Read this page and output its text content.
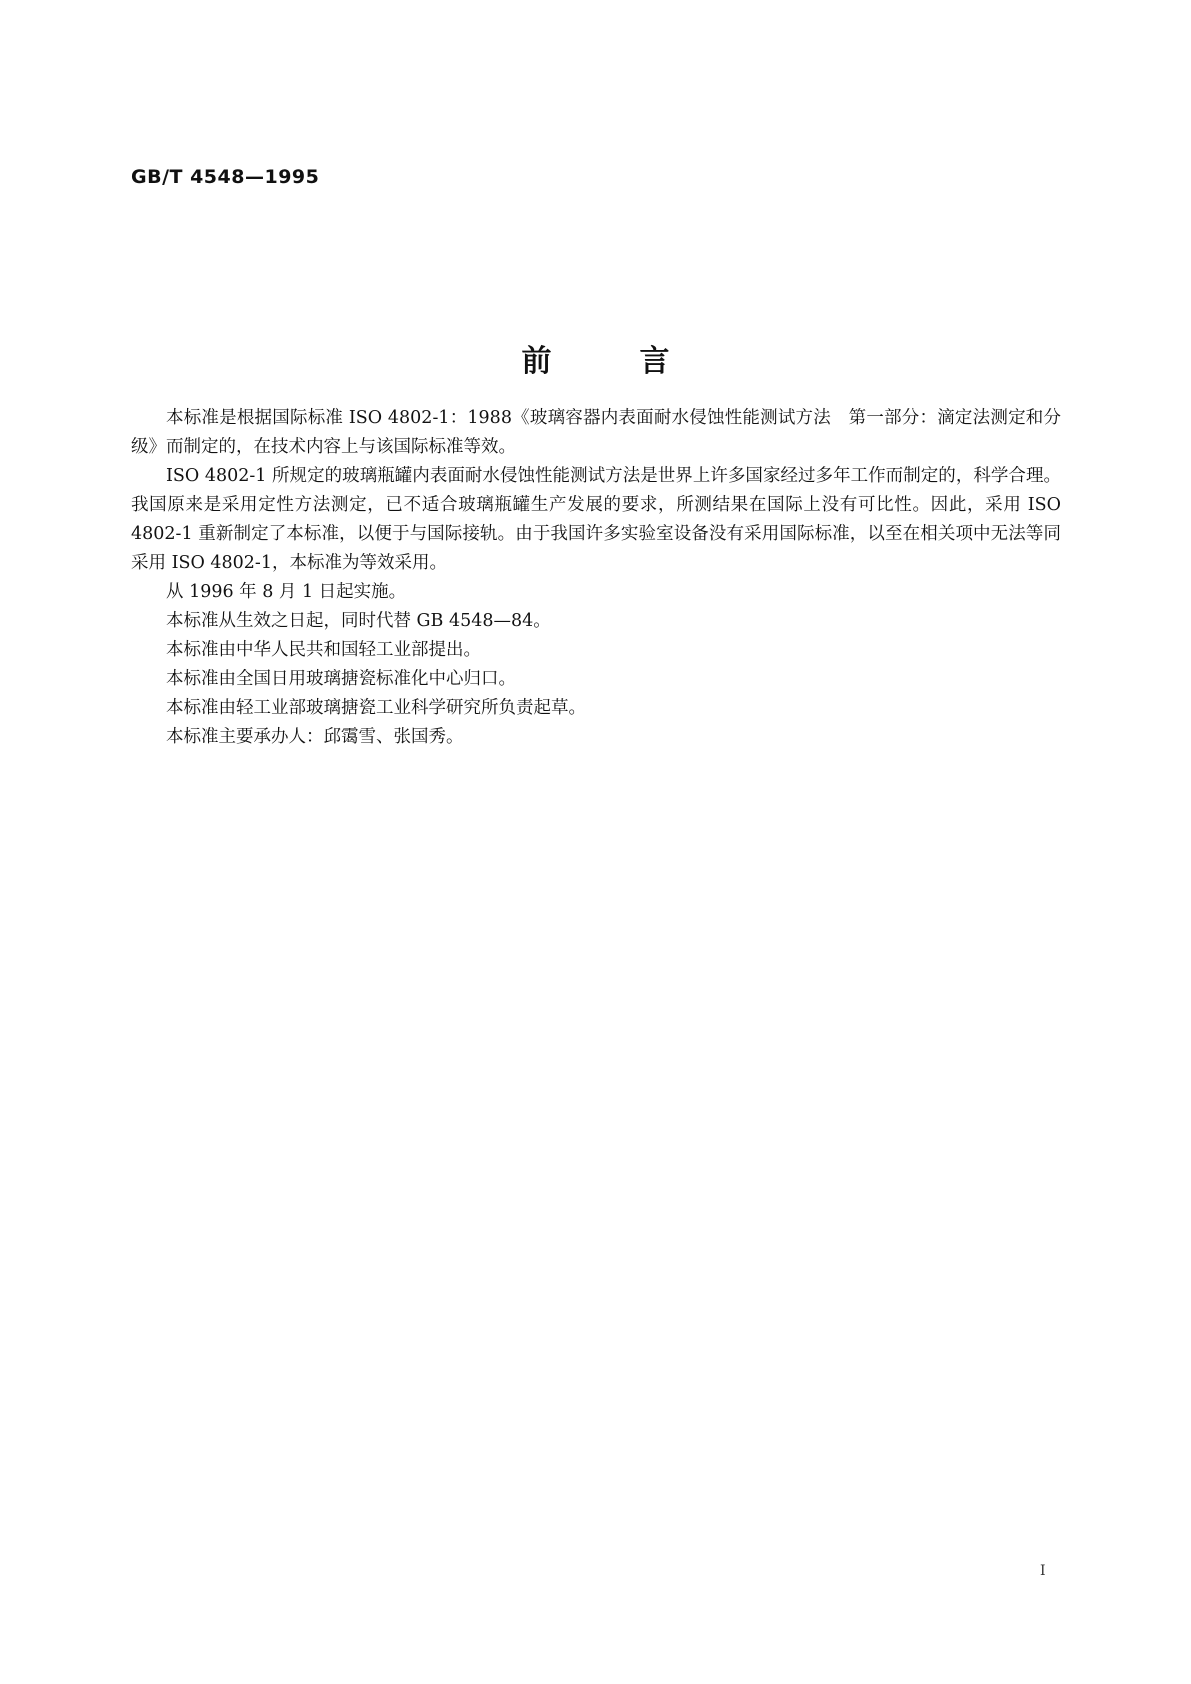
GB/T 4548—1995
前	言

本标准是根据国际标准 ISO 4802-1：1988《玻璃容器内表面耐水侵蚀性能测试方法　第一部分：滴定法测定和分级》而制定的，在技术内容上与该国际标准等效。

ISO 4802-1 所规定的玻璃瓶罐内表面耐水侵蚀性能测试方法是世界上许多国家经过多年工作而制定的，科学合理。我国原来是采用定性方法测定，已不适合玻璃瓶罐生产发展的要求，所测结果在国际上没有可比性。因此，采用 ISO 4802-1 重新制定了本标准，以便于与国际接轨。由于我国许多实验室设备没有采用国际标准，以至在相关项中无法等同采用 ISO 4802-1，本标准为等效采用。

从 1996 年 8 月 1 日起实施。

本标准从生效之日起，同时代替 GB 4548—84。

本标准由中华人民共和国轻工业部提出。

本标准由全国日用玻璃搪瓷标准化中心归口。

本标准由轻工业部玻璃搪瓷工业科学研究所负责起草。

本标准主要承办人：邱霭雪、张国秀。

I
